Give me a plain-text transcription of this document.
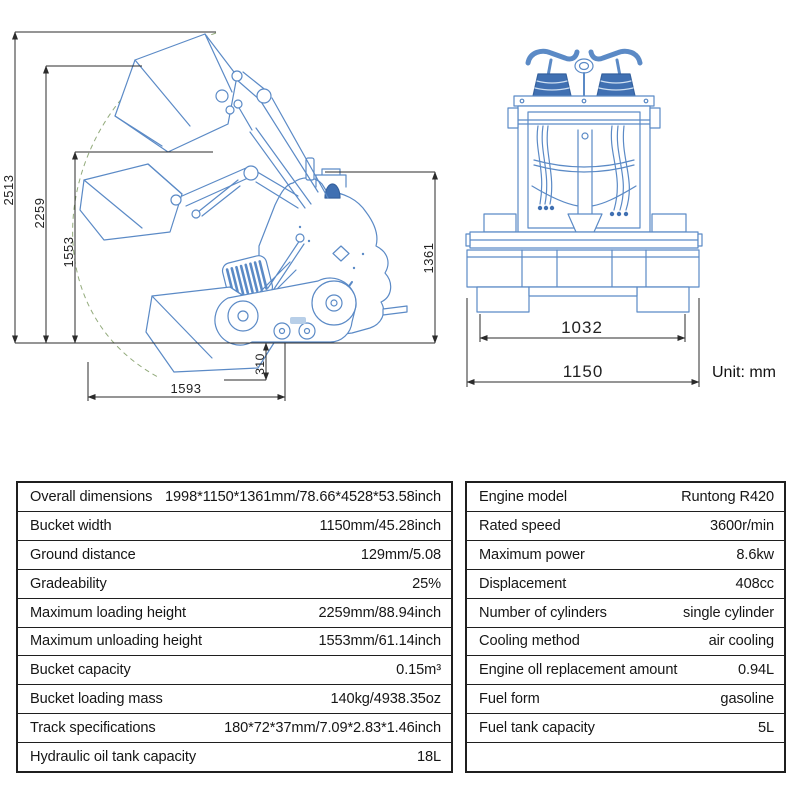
2513
2259
1553	1361
310
1593
1032
1150	Unit: mm
Overall dimensions 1998*1150*1361mm/78.66*4528*53.58inch
Bucket width	1150mm/45.28inch
Ground distance	129mm/5.08
Gradeability	25%
Maximum loading height	2259mm/88.94inch
Maximum unloading height	1553mm/61.14inch
Bucket capacity	0.15m³
Bucket loading mass	140kg/4938.35oz
Track specifications	180*72*37mm/7.09*2.83*1.46inch
Hydraulic oil tank capacity	18L
Engine model	Runtong R420
Rated speed	3600r/min
Maximum power	8.6kw
Displacement	408cc
Number of cylinders	single cylinder
Cooling method	air cooling
Engine oll replacement amount	0.94L
Fuel form	gasoline
Fuel tank capacity	5L
